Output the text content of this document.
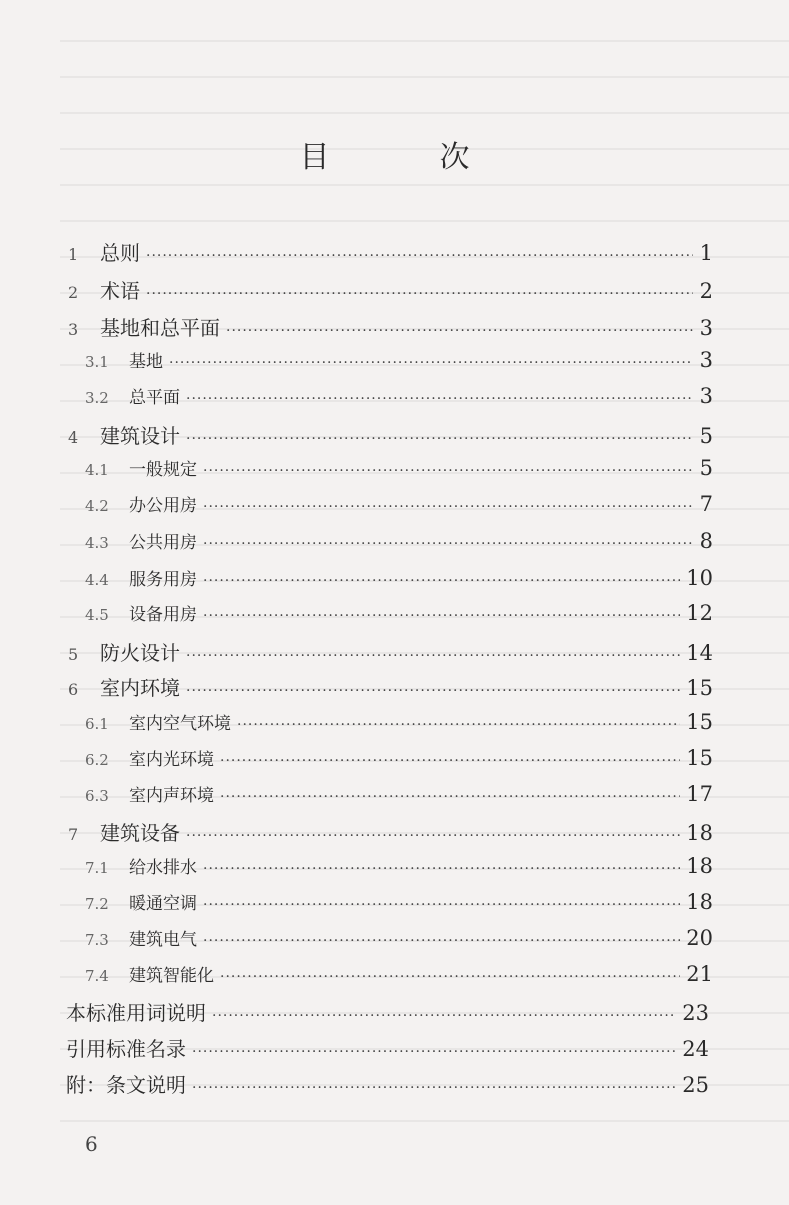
目　次
1	总则 ·····	1
2	术语 ·····	2
3	基地和总平面 ·····	3
3.1	基地 ·····	3
3.2	总平面 ·····	3
4	建筑设计 ·····	5
4.1	一般规定 ·····	5
4.2	办公用房 ·····	7
4.3	公共用房 ·····	8
4.4	服务用房 ·····	10
4.5	设备用房 ·····	12
5	防火设计 ·····	14
6	室内环境 ·····	15
6.1	室内空气环境 ·····	15
6.2	室内光环境 ·····	15
6.3	室内声环境 ·····	17
7	建筑设备 ·····	18
7.1	给水排水 ·····	18
7.2	暖通空调 ·····	18
7.3	建筑电气 ·····	20
7.4	建筑智能化 ·····	21
本标准用词说明 ·····	23
引用标准名录 ·····	24
附：条文说明 ·····	25
6
